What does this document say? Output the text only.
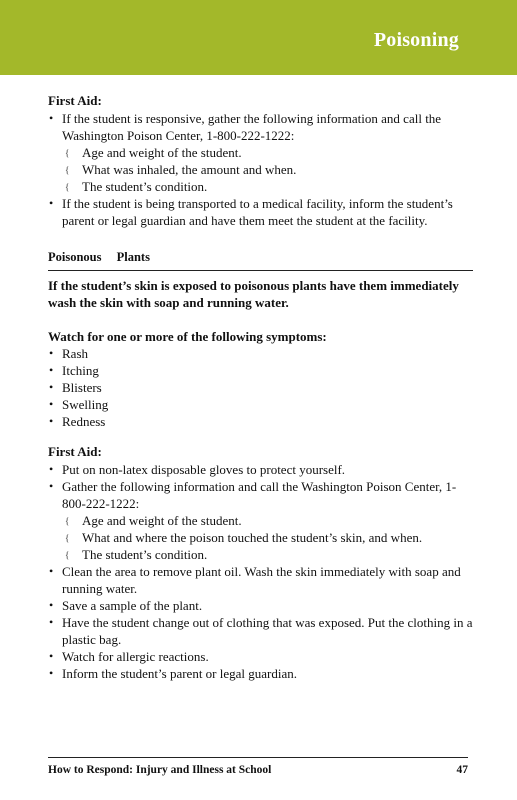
Poisoning
First Aid:
• If the student is responsive, gather the following information and call the Washington Poison Center, 1-800-222-1222:
{ Age and weight of the student.
{ What was inhaled, the amount and when.
{ The student’s condition.
• If the student is being transported to a medical facility, inform the student’s parent or legal guardian and have them meet the student at the facility.
Poisonous Plants
If the student’s skin is exposed to poisonous plants have them immediately wash the skin with soap and running water.
Watch for one or more of the following symptoms:
• Rash
• Itching
• Blisters
• Swelling
• Redness
First Aid:
• Put on non-latex disposable gloves to protect yourself.
• Gather the following information and call the Washington Poison Center, 1-800-222-1222:
{ Age and weight of the student.
{ What and where the poison touched the student’s skin, and when.
{ The student’s condition.
• Clean the area to remove plant oil. Wash the skin immediately with soap and running water.
• Save a sample of the plant.
• Have the student change out of clothing that was exposed. Put the clothing in a plastic bag.
• Watch for allergic reactions.
• Inform the student’s parent or legal guardian.
How to Respond: Injury and Illness at School	47
